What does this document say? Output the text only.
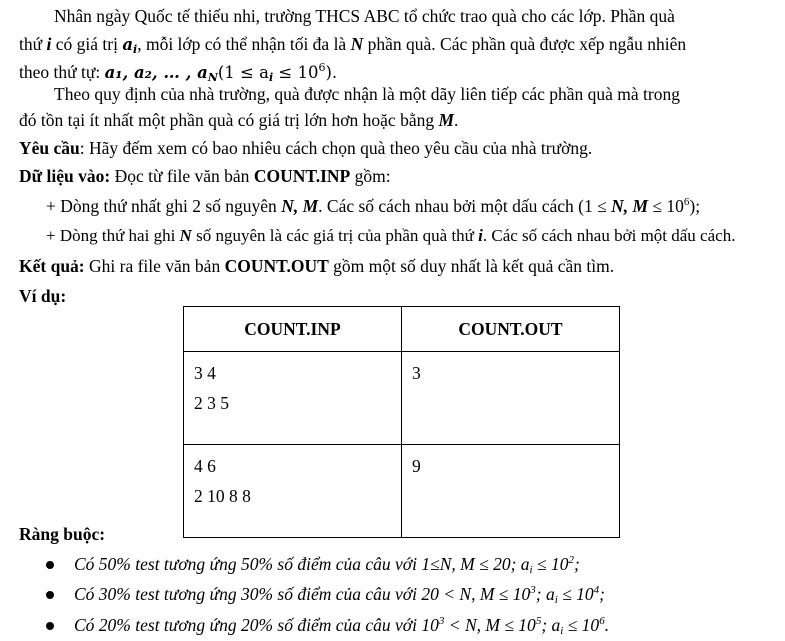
Nhân ngày Quốc tế thiếu nhi, trường THCS ABC tổ chức trao quà cho các lớp. Phần quà
thứ i có giá trị $a_i$, mỗi lớp có thể nhận tối đa là N phần quà. Các phần quà được xếp ngẫu nhiên
theo thứ tự: a₁, a₂, … , $a_N(1 \le a_i \le 10^6)$.
Theo quy định của nhà trường, quà được nhận là một dãy liên tiếp các phần quà mà trong
đó tồn tại ít nhất một phần quà có giá trị lớn hơn hoặc bằng M.
Yêu cầu: Hãy đếm xem có bao nhiêu cách chọn quà theo yêu cầu của nhà trường.
Dữ liệu vào: Đọc từ file văn bản COUNT.INP gồm:
+ Dòng thứ nhất ghi 2 số nguyên N, M. Các số cách nhau bởi một dấu cách (1 ≤ N, $M \le 10^6$);
+ Dòng thứ hai ghi N số nguyên là các giá trị của phần quà thứ i. Các số cách nhau bởi một dấu cách.
Kết quả: Ghi ra file văn bản COUNT.OUT gồm một số duy nhất là kết quả cần tìm.
Ví dụ:
COUNT.INP	COUNT.OUT

3 4
2 3 5	3

4 6
2 10 8 8	9
Ràng buộc:
Có 50% test tương ứng 50% số điểm của câu với 1≤N, M ≤ 20; $a_i \le 10^2$;
Có 30% test tương ứng 30% số điểm của câu với 20 < N, $M \le 10^3$; $a_i \le 10^4$;
Có 20% test tương ứng 20% số điểm của câu với $10^3 < N$, $M \le 10^5$; $a_i \le 10^6$.
